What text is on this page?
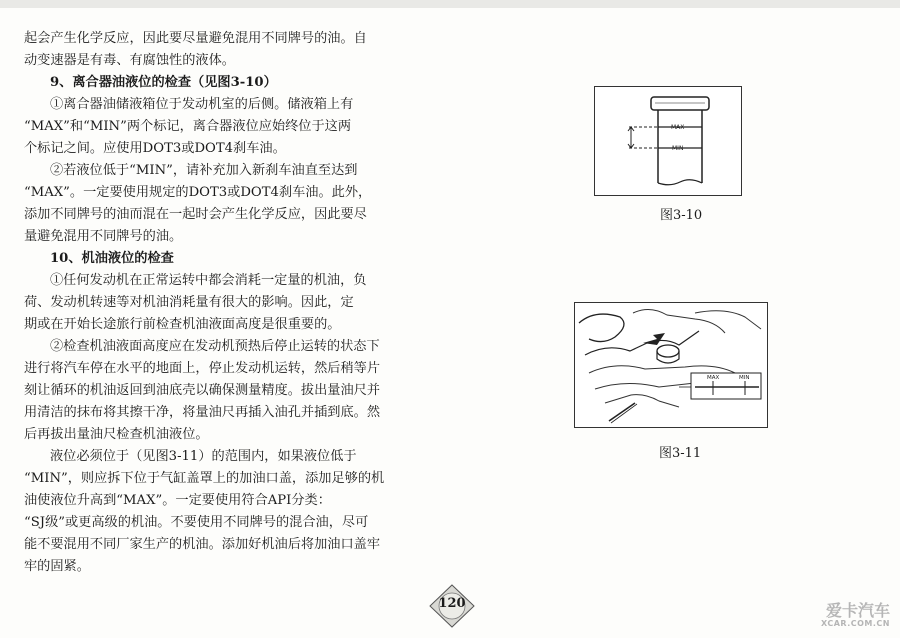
起会产生化学反应，因此要尽量避免混用不同牌号的油。自
动变速器是有毒、有腐蚀性的液体。
9、离合器油液位的检查（见图3-10）
①离合器油储液箱位于发动机室的后侧。储液箱上有
“MAX”和“MIN”两个标记，离合器液位应始终位于这两
个标记之间。应使用DOT3或DOT4刹车油。
②若液位低于“MIN”，请补充加入新刹车油直至达到
“MAX”。一定要使用规定的DOT3或DOT4刹车油。此外，
添加不同牌号的油而混在一起时会产生化学反应，因此要尽
量避免混用不同牌号的油。
10、机油液位的检查
①任何发动机在正常运转中都会消耗一定量的机油，负
荷、发动机转速等对机油消耗量有很大的影响。因此，定
期或在开始长途旅行前检查机油液面高度是很重要的。
②检查机油液面高度应在发动机预热后停止运转的状态下
进行将汽车停在水平的地面上，停止发动机运转，然后稍等片
刻让循环的机油返回到油底壳以确保测量精度。拔出量油尺并
用清洁的抹布将其擦干净，将量油尺再插入油孔并插到底。然
后再拔出量油尺检查机油液位。
液位必须位于（见图3-11）的范围内，如果液位低于
“MIN”，则应拆下位于气缸盖罩上的加油口盖，添加足够的机
油使液位升高到“MAX”。一定要使用符合API分类：
“SJ级”或更高级的机油。不要使用不同牌号的混合油，尽可
能不要混用不同厂家生产的机油。添加好机油后将加油口盖牢
牢的固紧。
MAX
MIN
图3-10
MAX	MIN
图3-11
120	爱卡汽车
XCAR.COM.CN
